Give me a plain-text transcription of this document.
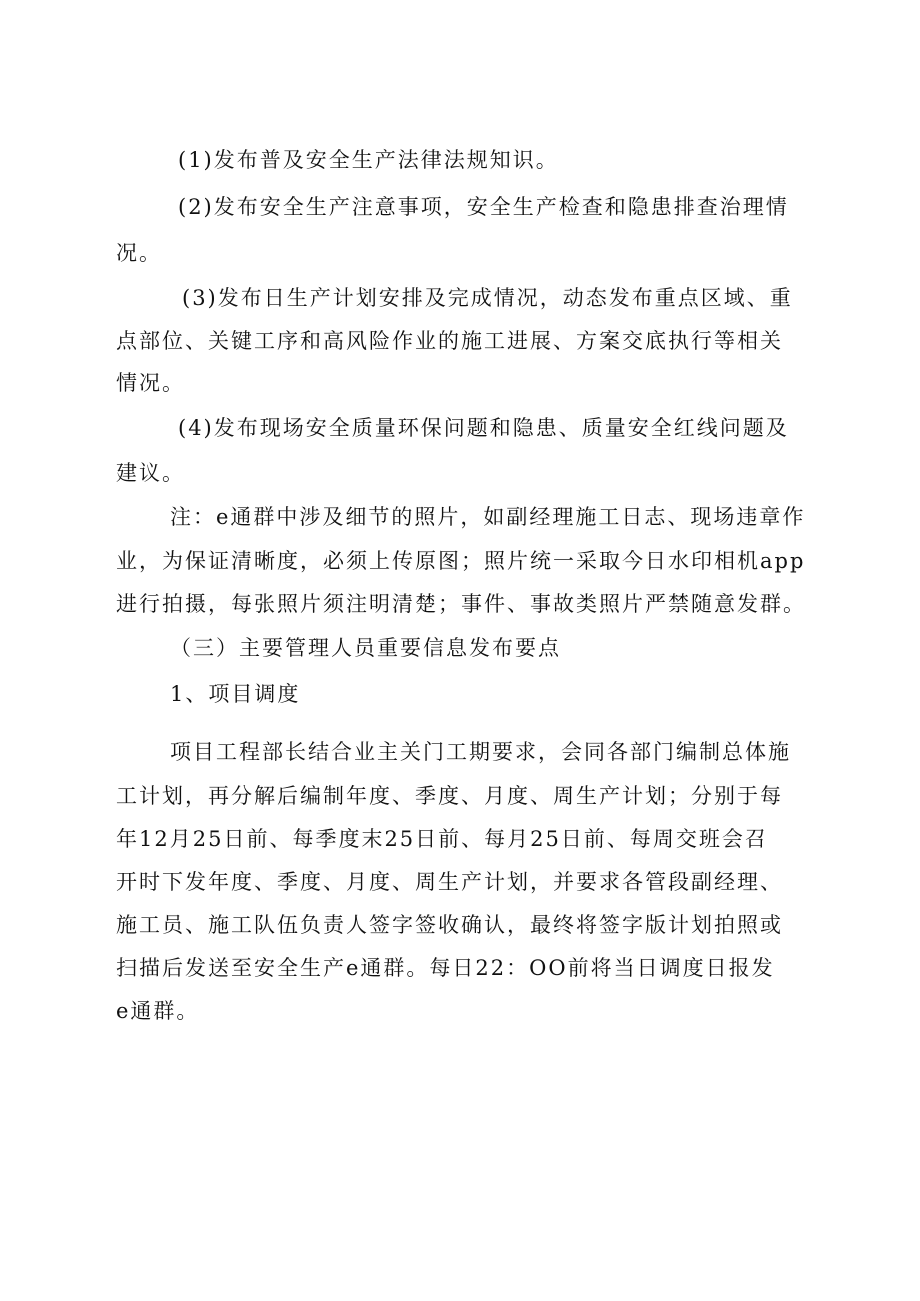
(1)发布普及安全生产法律法规知识。
(2)发布安全生产注意事项，安全生产检查和隐患排查治理情
况。
(3)发布日生产计划安排及完成情况，动态发布重点区域、重
点部位、关键工序和高风险作业的施工进展、方案交底执行等相关
情况。
(4)发布现场安全质量环保问题和隐患、质量安全红线问题及
建议。
注：e通群中涉及细节的照片，如副经理施工日志、现场违章作
业，为保证清晰度，必须上传原图；照片统一采取今日水印相机app
进行拍摄，每张照片须注明清楚；事件、事故类照片严禁随意发群。
（三）主要管理人员重要信息发布要点
1、项目调度
项目工程部长结合业主关门工期要求，会同各部门编制总体施
工计划，再分解后编制年度、季度、月度、周生产计划；分别于每
年12月25日前、每季度末25日前、每月25日前、每周交班会召
开时下发年度、季度、月度、周生产计划，并要求各管段副经理、
施工员、施工队伍负责人签字签收确认，最终将签字版计划拍照或
扫描后发送至安全生产e通群。每日22：OO前将当日调度日报发
e通群。
